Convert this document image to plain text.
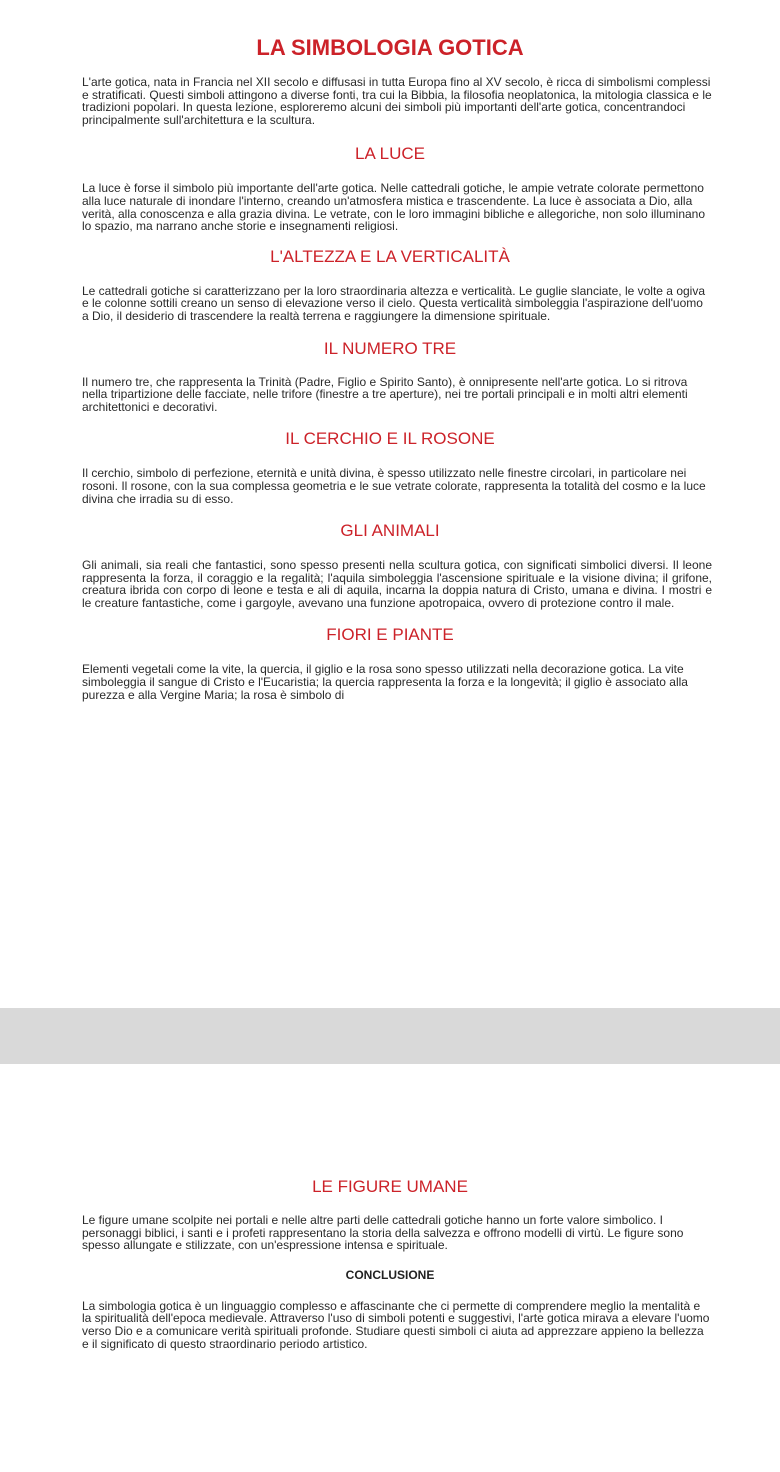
LA SIMBOLOGIA GOTICA

L'arte gotica, nata in Francia nel XII secolo e diffusasi in tutta Europa fino al XV secolo, è ricca di simbolismi complessi e stratificati. Questi simboli attingono a diverse fonti, tra cui la Bibbia, la filosofia neoplatonica, la mitologia classica e le tradizioni popolari. In questa lezione, esploreremo alcuni dei simboli più importanti dell'arte gotica, concentrandoci principalmente sull'architettura e la scultura.

LA LUCE

La luce è forse il simbolo più importante dell'arte gotica. Nelle cattedrali gotiche, le ampie vetrate colorate permettono alla luce naturale di inondare l'interno, creando un'atmosfera mistica e trascendente. La luce è associata a Dio, alla verità, alla conoscenza e alla grazia divina. Le vetrate, con le loro immagini bibliche e allegoriche, non solo illuminano lo spazio, ma narrano anche storie e insegnamenti religiosi.

L'ALTEZZA E LA VERTICALITÀ

Le cattedrali gotiche si caratterizzano per la loro straordinaria altezza e verticalità. Le guglie slanciate, le volte a ogiva e le colonne sottili creano un senso di elevazione verso il cielo. Questa verticalità simboleggia l'aspirazione dell'uomo a Dio, il desiderio di trascendere la realtà terrena e raggiungere la dimensione spirituale.

IL NUMERO TRE

Il numero tre, che rappresenta la Trinità (Padre, Figlio e Spirito Santo), è onnipresente nell'arte gotica. Lo si ritrova nella tripartizione delle facciate, nelle trifore (finestre a tre aperture), nei tre portali principali e in molti altri elementi architettonici e decorativi.

IL CERCHIO E IL ROSONE

Il cerchio, simbolo di perfezione, eternità e unità divina, è spesso utilizzato nelle finestre circolari, in particolare nei rosoni. Il rosone, con la sua complessa geometria e le sue vetrate colorate, rappresenta la totalità del cosmo e la luce divina che irradia su di esso.

GLI ANIMALI

Gli animali, sia reali che fantastici, sono spesso presenti nella scultura gotica, con significati simbolici diversi. Il leone rappresenta la forza, il coraggio e la regalità; l'aquila simboleggia l'ascensione spirituale e la visione divina; il grifone, creatura ibrida con corpo di leone e testa e ali di aquila, incarna la doppia natura di Cristo, umana e divina. I mostri e le creature fantastiche, come i gargoyle, avevano una funzione apotropaica, ovvero di protezione contro il male.

FIORI E PIANTE

Elementi vegetali come la vite, la quercia, il giglio e la rosa sono spesso utilizzati nella decorazione gotica. La vite simboleggia il sangue di Cristo e l'Eucaristia; la quercia rappresenta la forza e la longevità; il giglio è associato alla purezza e alla Vergine Maria; la rosa è simbolo di

LE FIGURE UMANE

Le figure umane scolpite nei portali e nelle altre parti delle cattedrali gotiche hanno un forte valore simbolico. I personaggi biblici, i santi e i profeti rappresentano la storia della salvezza e offrono modelli di virtù. Le figure sono spesso allungate e stilizzate, con un'espressione intensa e spirituale.

CONCLUSIONE

La simbologia gotica è un linguaggio complesso e affascinante che ci permette di comprendere meglio la mentalità e la spiritualità dell'epoca medievale. Attraverso l'uso di simboli potenti e suggestivi, l'arte gotica mirava a elevare l'uomo verso Dio e a comunicare verità spirituali profonde. Studiare questi simboli ci aiuta ad apprezzare appieno la bellezza e il significato di questo straordinario periodo artistico.
